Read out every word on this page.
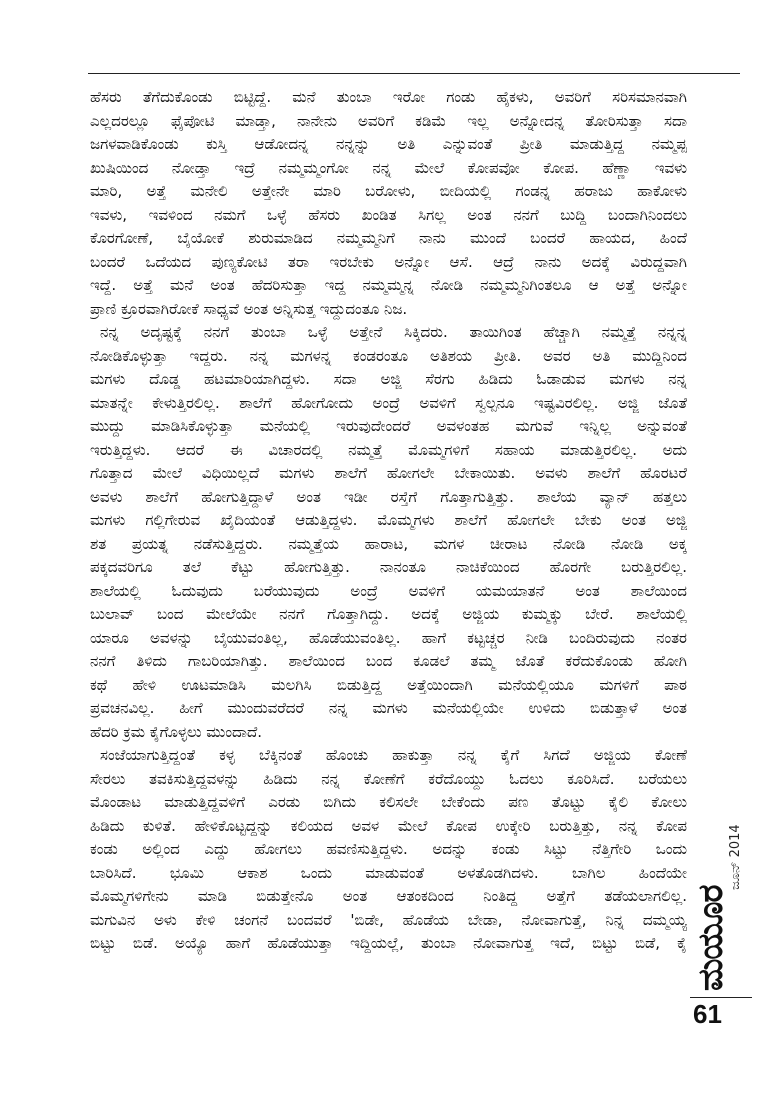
ಹೆಸರು ತೆಗೆದುಕೊಂಡು ಬಿಟ್ಟಿದ್ದೆ. ಮನೆ ತುಂಬಾ ಇರೋ ಗಂಡು ಹೈಕಳು, ಅವರಿಗೆ ಸರಿಸಮಾನವಾಗಿ
ಎಲ್ಲದರಲ್ಲೂ ಫೈಪೋಟಿ ಮಾಡ್ತಾ, ನಾನೇನು ಅವರಿಗೆ ಕಡಿಮೆ ಇಲ್ಲ ಅನ್ನೋದನ್ನ ತೋರಿಸುತ್ತಾ ಸದಾ
ಜಗಳವಾಡಿಕೊಂಡು ಕುಸ್ತಿ ಆಡೋದನ್ನ ನನ್ನನ್ನು ಅತಿ ಎನ್ನುವಂತೆ ಪ್ರೀತಿ ಮಾಡುತ್ತಿದ್ದ ನಮ್ಮಪ್ಪ
ಖುಷಿಯಿಂದ ನೋಡ್ತಾ ಇದ್ರೆ ನಮ್ಮಮ್ಮಂಗೋ ನನ್ನ ಮೇಲೆ ಕೋಪವೋ ಕೋಪ. ಹೆಣ್ಣಾ ಇವಳು
ಮಾರಿ, ಅತ್ತೆ ಮನೇಲಿ ಅತ್ತೇನೇ ಮಾರಿ ಬರೋಳು, ಬೀದಿಯಲ್ಲಿ ಗಂಡನ್ನ ಹರಾಜು ಹಾಕೋಳು
ಇವಳು, ಇವಳಿಂದ ನಮಗೆ ಒಳ್ಳೆ ಹೆಸರು ಖಂಡಿತ ಸಿಗಲ್ಲ ಅಂತ ನನಗೆ ಬುದ್ದಿ ಬಂದಾಗಿನಿಂದಲು
ಕೊರಗೋಣೆ, ಬೈಯೋಕೆ ಶುರುಮಾಡಿದ ನಮ್ಮಮ್ಮನಿಗೆ ನಾನು ಮುಂದೆ ಬಂದರೆ ಹಾಯದ, ಹಿಂದೆ
ಬಂದರೆ ಒದೆಯದ ಪುಣ್ಯಕೋಟಿ ತರಾ ಇರಬೇಕು ಅನ್ನೋ ಆಸೆ. ಆದ್ರೆ ನಾನು ಅದಕ್ಕೆ ವಿರುದ್ದವಾಗಿ
ಇದ್ದೆ. ಅತ್ತೆ ಮನೆ ಅಂತ ಹೆದರಿಸುತ್ತಾ ಇದ್ದ ನಮ್ಮಮ್ಮನ್ನ ನೋಡಿ ನಮ್ಮಮ್ಮನಿಗಿಂತಲೂ ಆ ಅತ್ತೆ ಅನ್ನೋ
ಪ್ರಾಣಿ ಕ್ರೂರವಾಗಿರೋಕೆ ಸಾಧ್ಯವೆ ಅಂತ ಅನ್ನಿಸುತ್ತ ಇದ್ದುದಂತೂ ನಿಜ.
ನನ್ನ ಅದೃಷ್ಟಕ್ಕೆ ನನಗೆ ತುಂಬಾ ಒಳ್ಳೆ ಅತ್ತೇನೆ ಸಿಕ್ಕಿದರು. ತಾಯಿಗಿಂತ ಹೆಚ್ಚಾಗಿ ನಮ್ಮತ್ತೆ ನನ್ನನ್ನ
ನೋಡಿಕೊಳ್ಳುತ್ತಾ ಇದ್ದರು. ನನ್ನ ಮಗಳನ್ನ ಕಂಡರಂತೂ ಅತಿಶಯ ಪ್ರೀತಿ. ಅವರ ಅತಿ ಮುದ್ದಿನಿಂದ
ಮಗಳು ದೊಡ್ಡ ಹಟಮಾರಿಯಾಗಿದ್ದಳು. ಸದಾ ಅಜ್ಜಿ ಸೆರಗು ಹಿಡಿದು ಓಡಾಡುವ ಮಗಳು ನನ್ನ
ಮಾತನ್ನೇ ಕೇಳುತ್ತಿರಲಿಲ್ಲ. ಶಾಲೆಗೆ ಹೋಗೋದು ಅಂದ್ರೆ ಅವಳಿಗೆ ಸ್ವಲ್ಪನೂ ಇಷ್ಟವಿರಲಿಲ್ಲ. ಅಜ್ಜಿ ಜೊತೆ
ಮುದ್ದು ಮಾಡಿಸಿಕೊಳ್ಳುತ್ತಾ ಮನೆಯಲ್ಲಿ ಇರುವುದೇಂದರೆ ಅವಳಂತಹ ಮಗುವೆ ಇನ್ನಿಲ್ಲ ಅನ್ನುವಂತೆ
ಇರುತ್ತಿದ್ದಳು. ಆದರೆ ಈ ವಿಚಾರದಲ್ಲಿ ನಮ್ಮತ್ತೆ ಮೊಮ್ಮಗಳಿಗೆ ಸಹಾಯ ಮಾಡುತ್ತಿರಲಿಲ್ಲ. ಅದು
ಗೊತ್ತಾದ ಮೇಲೆ ವಿಧಿಯಿಲ್ಲದೆ ಮಗಳು ಶಾಲೆಗೆ ಹೋಗಲೇ ಬೇಕಾಯಿತು. ಅವಳು ಶಾಲೆಗೆ ಹೊರಟರೆ
ಅವಳು ಶಾಲೆಗೆ ಹೋಗುತ್ತಿದ್ದಾಳೆ ಅಂತ ಇಡೀ ರಸ್ತೆಗೆ ಗೊತ್ತಾಗುತ್ತಿತ್ತು. ಶಾಲೆಯ ವ್ಯಾನ್ ಹತ್ತಲು
ಮಗಳು ಗಲ್ಲಿಗೇರುವ ಖೈದಿಯಂತೆ ಆಡುತ್ತಿದ್ದಳು. ಮೊಮ್ಮಗಳು ಶಾಲೆಗೆ ಹೋಗಲೇ ಬೇಕು ಅಂತ ಅಜ್ಜಿ
ಶತ ಪ್ರಯತ್ನ ನಡೆಸುತ್ತಿದ್ದರು. ನಮ್ಮತ್ತೆಯ ಹಾರಾಟ, ಮಗಳ ಚೀರಾಟ ನೋಡಿ ನೋಡಿ ಅಕ್ಕ
ಪಕ್ಕದವರಿಗೂ ತಲೆ ಕೆಟ್ಟು ಹೋಗುತ್ತಿತ್ತು. ನಾನಂತೂ ನಾಚಿಕೆಯಿಂದ ಹೊರಗೇ ಬರುತ್ತಿರಲಿಲ್ಲ.
ಶಾಲೆಯಲ್ಲಿ ಓದುವುದು ಬರೆಯುವುದು ಅಂದ್ರೆ ಅವಳಿಗೆ ಯಮಯಾತನೆ ಅಂತ ಶಾಲೆಯಿಂದ
ಬುಲಾವ್ ಬಂದ ಮೇಲೆಯೇ ನನಗೆ ಗೊತ್ತಾಗಿದ್ದು. ಅದಕ್ಕೆ ಅಜ್ಜಿಯ ಕುಮ್ಮಕ್ಕು ಬೇರೆ. ಶಾಲೆಯಲ್ಲಿ
ಯಾರೂ ಅವಳನ್ನು ಬೈಯುವಂತಿಲ್ಲ, ಹೊಡೆಯುವಂತಿಲ್ಲ. ಹಾಗೆ ಕಟ್ಟಚ್ಚರ ನೀಡಿ ಬಂದಿರುವುದು ನಂತರ
ನನಗೆ ತಿಳಿದು ಗಾಬರಿಯಾಗಿತ್ತು. ಶಾಲೆಯಿಂದ ಬಂದ ಕೂಡಲೆ ತಮ್ಮ ಜೊತೆ ಕರೆದುಕೊಂಡು ಹೋಗಿ
ಕಥೆ ಹೇಳಿ ಊಟಮಾಡಿಸಿ ಮಲಗಿಸಿ ಬಿಡುತ್ತಿದ್ದ ಅತ್ತೆಯಿಂದಾಗಿ ಮನೆಯಲ್ಲಿಯೂ ಮಗಳಿಗೆ ಪಾಠ
ಪ್ರವಚನವಿಲ್ಲ. ಹೀಗೆ ಮುಂದುವರೆದರೆ ನನ್ನ ಮಗಳು ಮನೆಯಲ್ಲಿಯೇ ಉಳಿದು ಬಿಡುತ್ತಾಳೆ ಅಂತ
ಹೆದರಿ ಕ್ರಮ ಕೈಗೊಳ್ಳಲು ಮುಂದಾದೆ.
ಸಂಜೆಯಾಗುತ್ತಿದ್ದಂತೆ ಕಳ್ಳ ಬೆಕ್ಕಿನಂತೆ ಹೊಂಚು ಹಾಕುತ್ತಾ ನನ್ನ ಕೈಗೆ ಸಿಗದೆ ಅಜ್ಜಿಯ ಕೋಣೆ
ಸೇರಲು ತವಕಿಸುತ್ತಿದ್ದವಳನ್ನು ಹಿಡಿದು ನನ್ನ ಕೋಣೆಗೆ ಕರೆದೊಯ್ದು ಓದಲು ಕೂರಿಸಿದೆ. ಬರೆಯಲು
ಮೊಂಡಾಟ ಮಾಡುತ್ತಿದ್ದವಳಿಗೆ ಎರಡು ಬಿಗಿದು ಕಲಿಸಲೇ ಬೇಕೆಂದು ಪಣ ತೊಟ್ಟು ಕೈಲಿ ಕೋಲು
ಹಿಡಿದು ಕುಳಿತೆ. ಹೇಳಿಕೊಟ್ಟದ್ದನ್ನು ಕಲಿಯದ ಅವಳ ಮೇಲೆ ಕೋಪ ಉಕ್ಕೇರಿ ಬರುತ್ತಿತ್ತು, ನನ್ನ ಕೋಪ
ಕಂಡು ಅಲ್ಲಿಂದ ಎದ್ದು ಹೋಗಲು ಹವಣಿಸುತ್ತಿದ್ದಳು. ಅದನ್ನು ಕಂಡು ಸಿಟ್ಟು ನೆತ್ತಿಗೇರಿ ಒಂದು
ಬಾರಿಸಿದೆ. ಭೂಮಿ ಆಕಾಶ ಒಂದು ಮಾಡುವಂತೆ ಅಳತೊಡಗಿದಳು. ಬಾಗಿಲ ಹಿಂದೆಯೇ
ಮೊಮ್ಮಗಳಿಗೇನು ಮಾಡಿ ಬಿಡುತ್ತೇನೊ ಅಂತ ಆತಂಕದಿಂದ ನಿಂತಿದ್ದ ಅತ್ತೆಗೆ ತಡೆಯಲಾಗಲಿಲ್ಲ.
ಮಗುವಿನ ಅಳು ಕೇಳಿ ಚಂಗನೆ ಬಂದವರೆ 'ಬಿಡೇ, ಹೊಡೆಯ ಬೇಡಾ, ನೋವಾಗುತ್ತೆ, ನಿನ್ನ ದಮ್ಮಯ್ಯ
ಬಿಟ್ಟು ಬಿಡೆ. ಅಯ್ಯೊ ಹಾಗೆ ಹೊಡೆಯುತ್ತಾ ಇದ್ದಿಯಲ್ಲೆ, ತುಂಬಾ ನೋವಾಗುತ್ತ ಇದೆ, ಬಿಟ್ಟು ಬಿಡೆ, ಕೈ
ಜೂನ್ 2014
ಮಯೂರ
61
